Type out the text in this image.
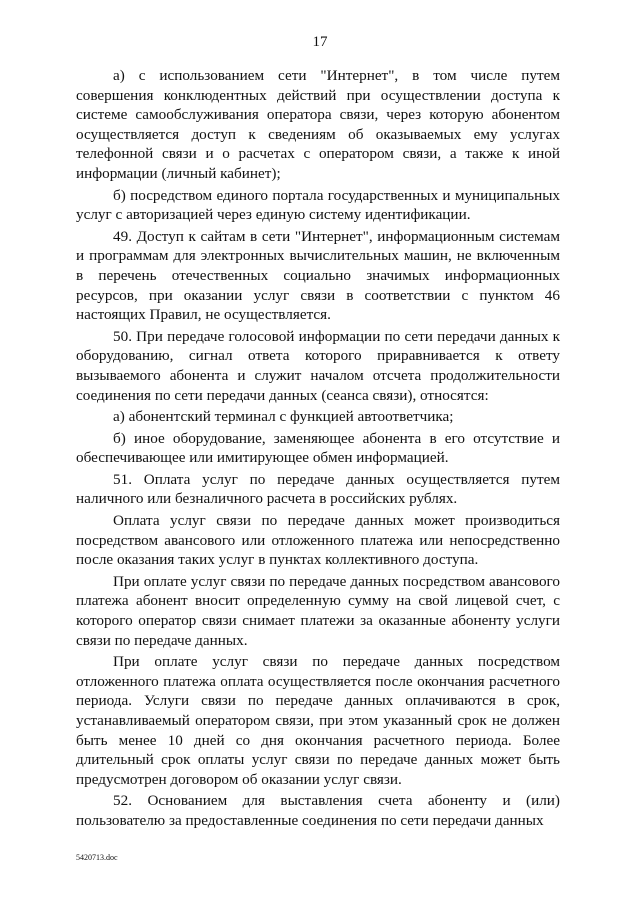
17

а) с использованием сети "Интернет", в том числе путем совершения конклюдентных действий при осуществлении доступа к системе самообслуживания оператора связи, через которую абонентом осуществляется доступ к сведениям об оказываемых ему услугах телефонной связи и о расчетах с оператором связи, а также к иной информации (личный кабинет);

б) посредством единого портала государственных и муниципальных услуг с авторизацией через единую систему идентификации.

49. Доступ к сайтам в сети "Интернет", информационным системам и программам для электронных вычислительных машин, не включенным в перечень отечественных социально значимых информационных ресурсов, при оказании услуг связи в соответствии с пунктом 46 настоящих Правил, не осуществляется.

50. При передаче голосовой информации по сети передачи данных к оборудованию, сигнал ответа которого приравнивается к ответу вызываемого абонента и служит началом отсчета продолжительности соединения по сети передачи данных (сеанса связи), относятся:

а) абонентский терминал с функцией автоответчика;

б) иное оборудование, заменяющее абонента в его отсутствие и обеспечивающее или имитирующее обмен информацией.

51. Оплата услуг по передаче данных осуществляется путем наличного или безналичного расчета в российских рублях.

Оплата услуг связи по передаче данных может производиться посредством авансового или отложенного платежа или непосредственно после оказания таких услуг в пунктах коллективного доступа.

При оплате услуг связи по передаче данных посредством авансового платежа абонент вносит определенную сумму на свой лицевой счет, с которого оператор связи снимает платежи за оказанные абоненту услуги связи по передаче данных.

При оплате услуг связи по передаче данных посредством отложенного платежа оплата осуществляется после окончания расчетного периода. Услуги связи по передаче данных оплачиваются в срок, устанавливаемый оператором связи, при этом указанный срок не должен быть менее 10 дней со дня окончания расчетного периода. Более длительный срок оплаты услуг связи по передаче данных может быть предусмотрен договором об оказании услуг связи.

52. Основанием для выставления счета абоненту и (или) пользователю за предоставленные соединения по сети передачи данных

5420713.doc
